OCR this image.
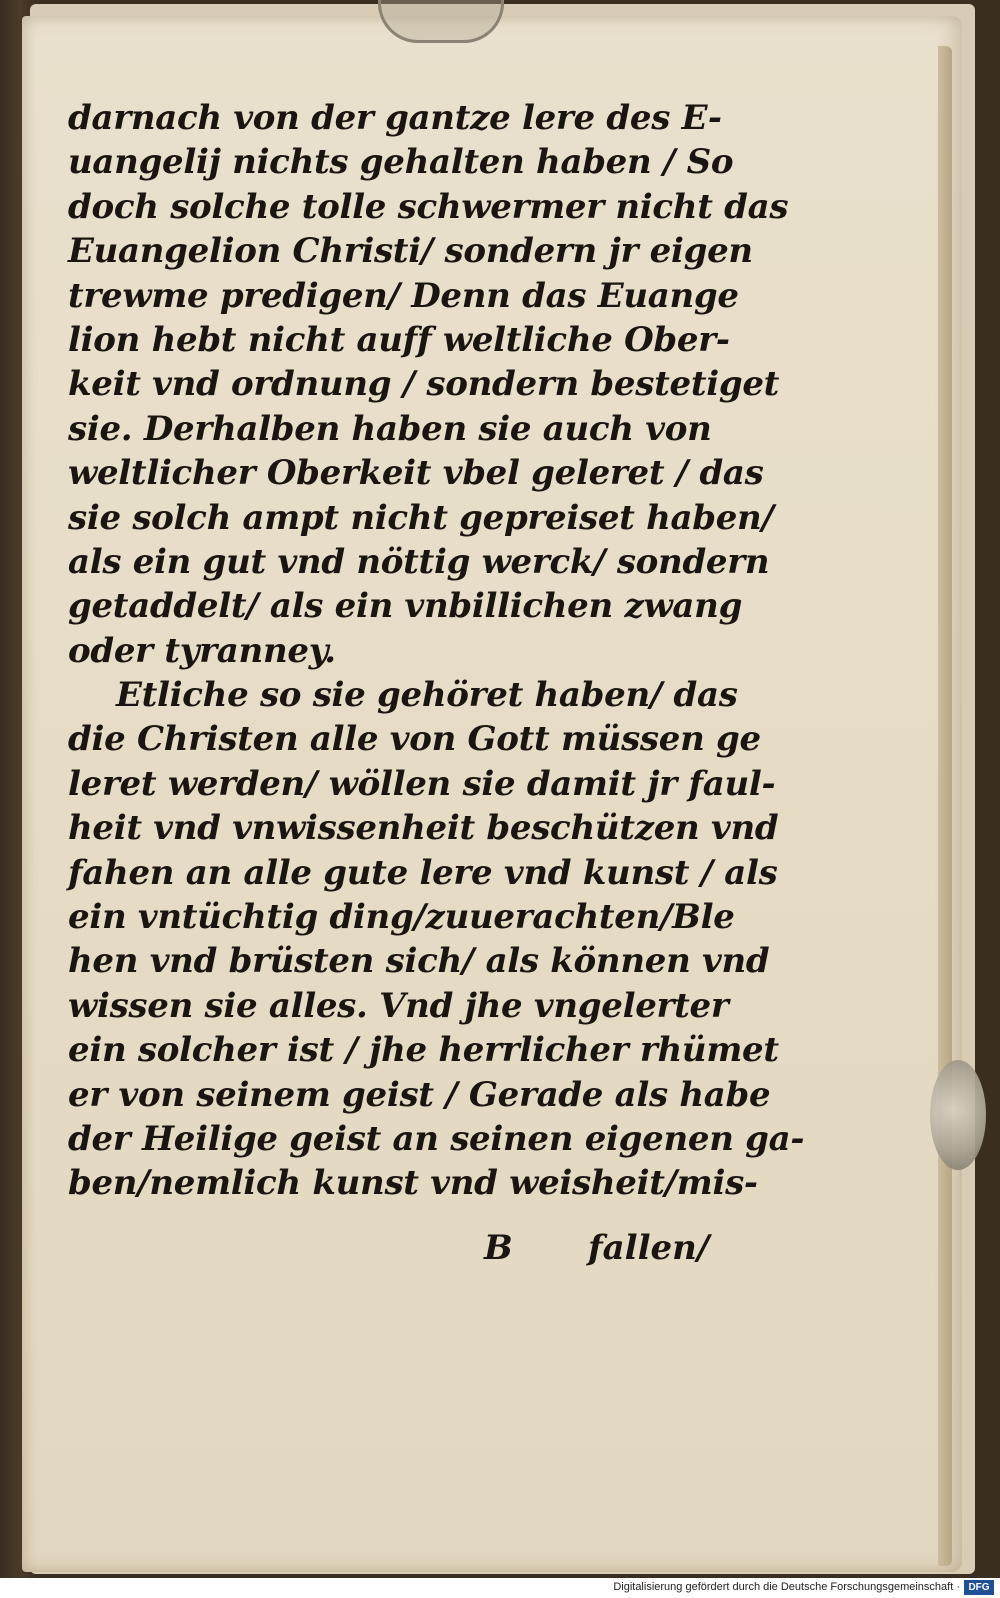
darnach von der gantze lere des E-
uangelij nichts gehalten haben / So
doch solche tolle schwermer nicht das
Euangelion Christi/ sondern jr eigen
trewme predigen/ Denn das Euange
lion hebt nicht auff weltliche Ober-
keit vnd ordnung / sondern bestetiget
sie. Derhalben haben sie auch von
weltlicher Oberkeit vbel geleret / das
sie solch ampt nicht gepreiset haben/
als ein gut vnd nöttig werck/ sondern
getaddelt/ als ein vnbillichen zwang
oder tyranney.
Etliche so sie gehöret haben/ das
die Christen alle von Gott müssen ge
leret werden/ wöllen sie damit jr faul-
heit vnd vnwissenheit beschützen vnd
fahen an alle gute lere vnd kunst / als
ein vntüchtig ding/zuuerachten/Ble
hen vnd brüsten sich/ als können vnd
wissen sie alles. Vnd jhe vngelerter
ein solcher ist / jhe herrlicher rhümet
er von seinem geist / Gerade als habe
der Heilige geist an seinen eigenen ga-
ben/nemlich kunst vnd weisheit/mis-
B fallen/
Digitalisierung gefördert durch die Deutsche Forschungsgemeinschaft · DFG
